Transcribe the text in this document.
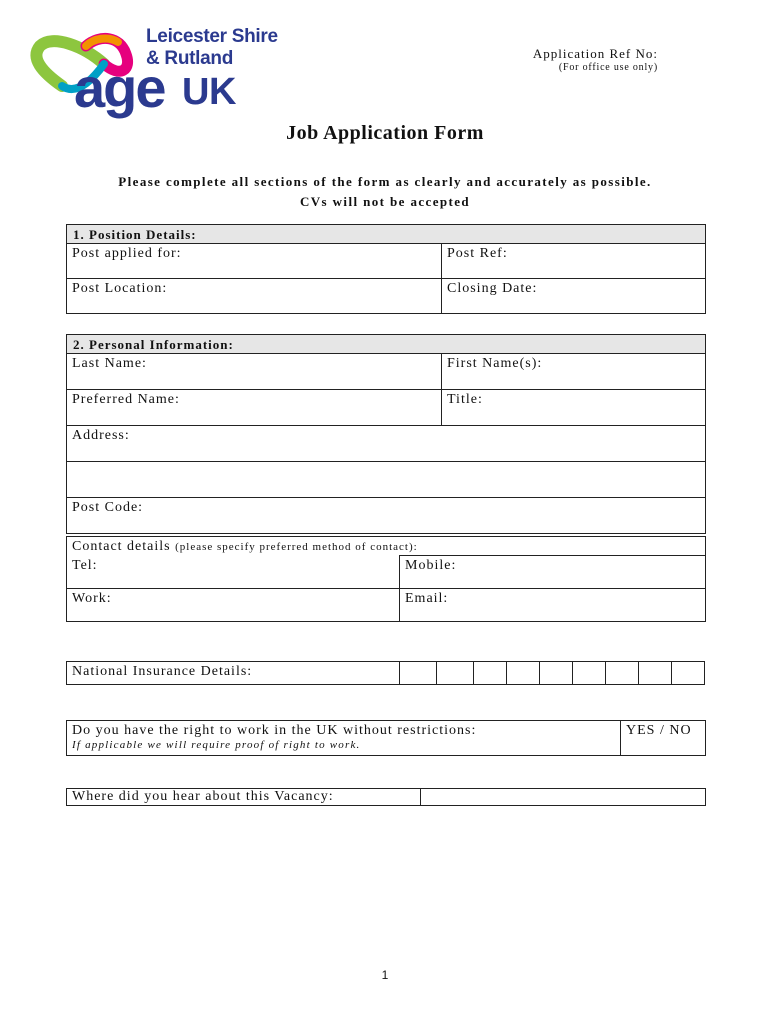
Leicester Shire
& Rutland
age UK
Application Ref No:
(For office use only)
Job Application Form
Please complete all sections of the form as clearly and accurately as possible.
CVs will not be accepted
1. Position Details:	
Post applied for:	Post Ref:
Post Location:	Closing Date:
2. Personal Information:	
Last Name:	First Name(s):
Preferred Name:	Title:
Address:	

Post Code:	
Contact details (please specify preferred method of contact):	
Tel:	Mobile:
Work:	Email:
National Insurance Details:									
Do you have the right to work in the UK without restrictions:
If applicable we will require proof of right to work.
	YES / NO
Where did you hear about this Vacancy:	
1
